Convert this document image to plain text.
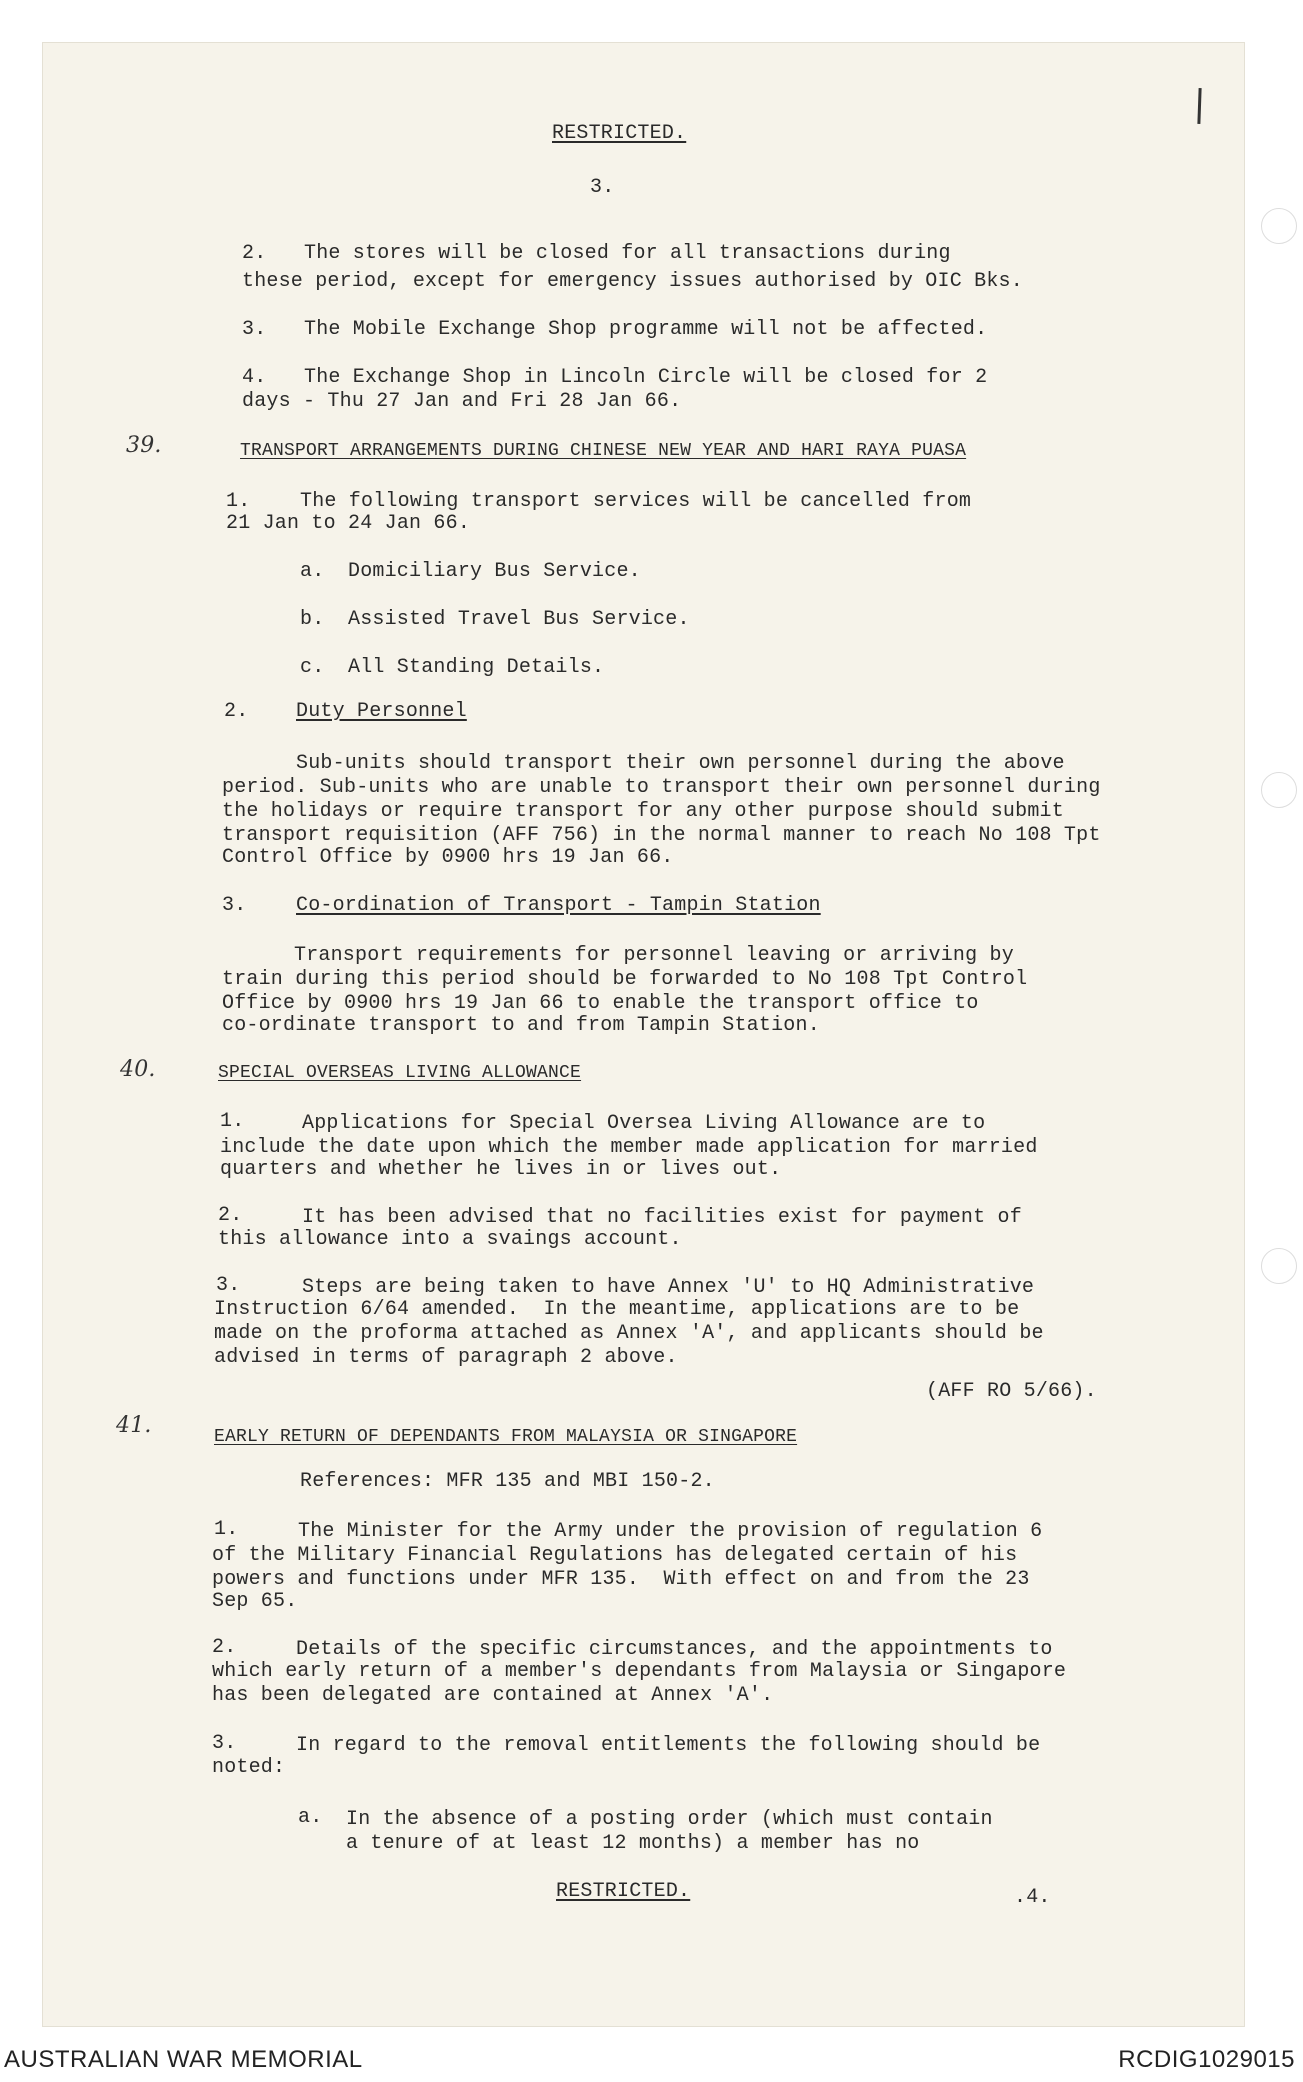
RESTRICTED.
3.
2. The stores will be closed for all transactions during
these period, except for emergency issues authorised by OIC Bks.
3. The Mobile Exchange Shop programme will not be affected.
4. The Exchange Shop in Lincoln Circle will be closed for 2
days - Thu 27 Jan and Fri 28 Jan 66.
39.	TRANSPORT ARRANGEMENTS DURING CHINESE NEW YEAR AND HARI RAYA PUASA
1. The following transport services will be cancelled from
21 Jan to 24 Jan 66.
a. Domiciliary Bus Service.
b. Assisted Travel Bus Service.
c. All Standing Details.
2. Duty Personnel
Sub-units should transport their own personnel during the above
period. Sub-units who are unable to transport their own personnel during
the holidays or require transport for any other purpose should submit
transport requisition (AFF 756) in the normal manner to reach No 108 Tpt
Control Office by 0900 hrs 19 Jan 66.
3. Co-ordination of Transport - Tampin Station
Transport requirements for personnel leaving or arriving by
train during this period should be forwarded to No 108 Tpt Control
Office by 0900 hrs 19 Jan 66 to enable the transport office to
co-ordinate transport to and from Tampin Station.
40.	SPECIAL OVERSEAS LIVING ALLOWANCE
1.	Applications for Special Oversea Living Allowance are to
include the date upon which the member made application for married
quarters and whether he lives in or lives out.
2.	It has been advised that no facilities exist for payment of
this allowance into a svaings account.
3.	Steps are being taken to have Annex 'U' to HQ Administrative
Instruction 6/64 amended.  In the meantime, applications are to be
made on the proforma attached as Annex 'A', and applicants should be
advised in terms of paragraph 2 above.
(AFF RO 5/66).
41.	EARLY RETURN OF DEPENDANTS FROM MALAYSIA OR SINGAPORE
References: MFR 135 and MBI 150-2.
1.	The Minister for the Army under the provision of regulation 6
of the Military Financial Regulations has delegated certain of his
powers and functions under MFR 135.  With effect on and from the 23
Sep 65.
2.	Details of the specific circumstances, and the appointments to
which early return of a member's dependants from Malaysia or Singapore
has been delegated are contained at Annex 'A'.
3.	In regard to the removal entitlements the following should be
noted:
a. In the absence of a posting order (which must contain
a tenure of at least 12 months) a member has no
RESTRICTED.	.4.
AUSTRALIAN WAR MEMORIAL	RCDIG1029015
